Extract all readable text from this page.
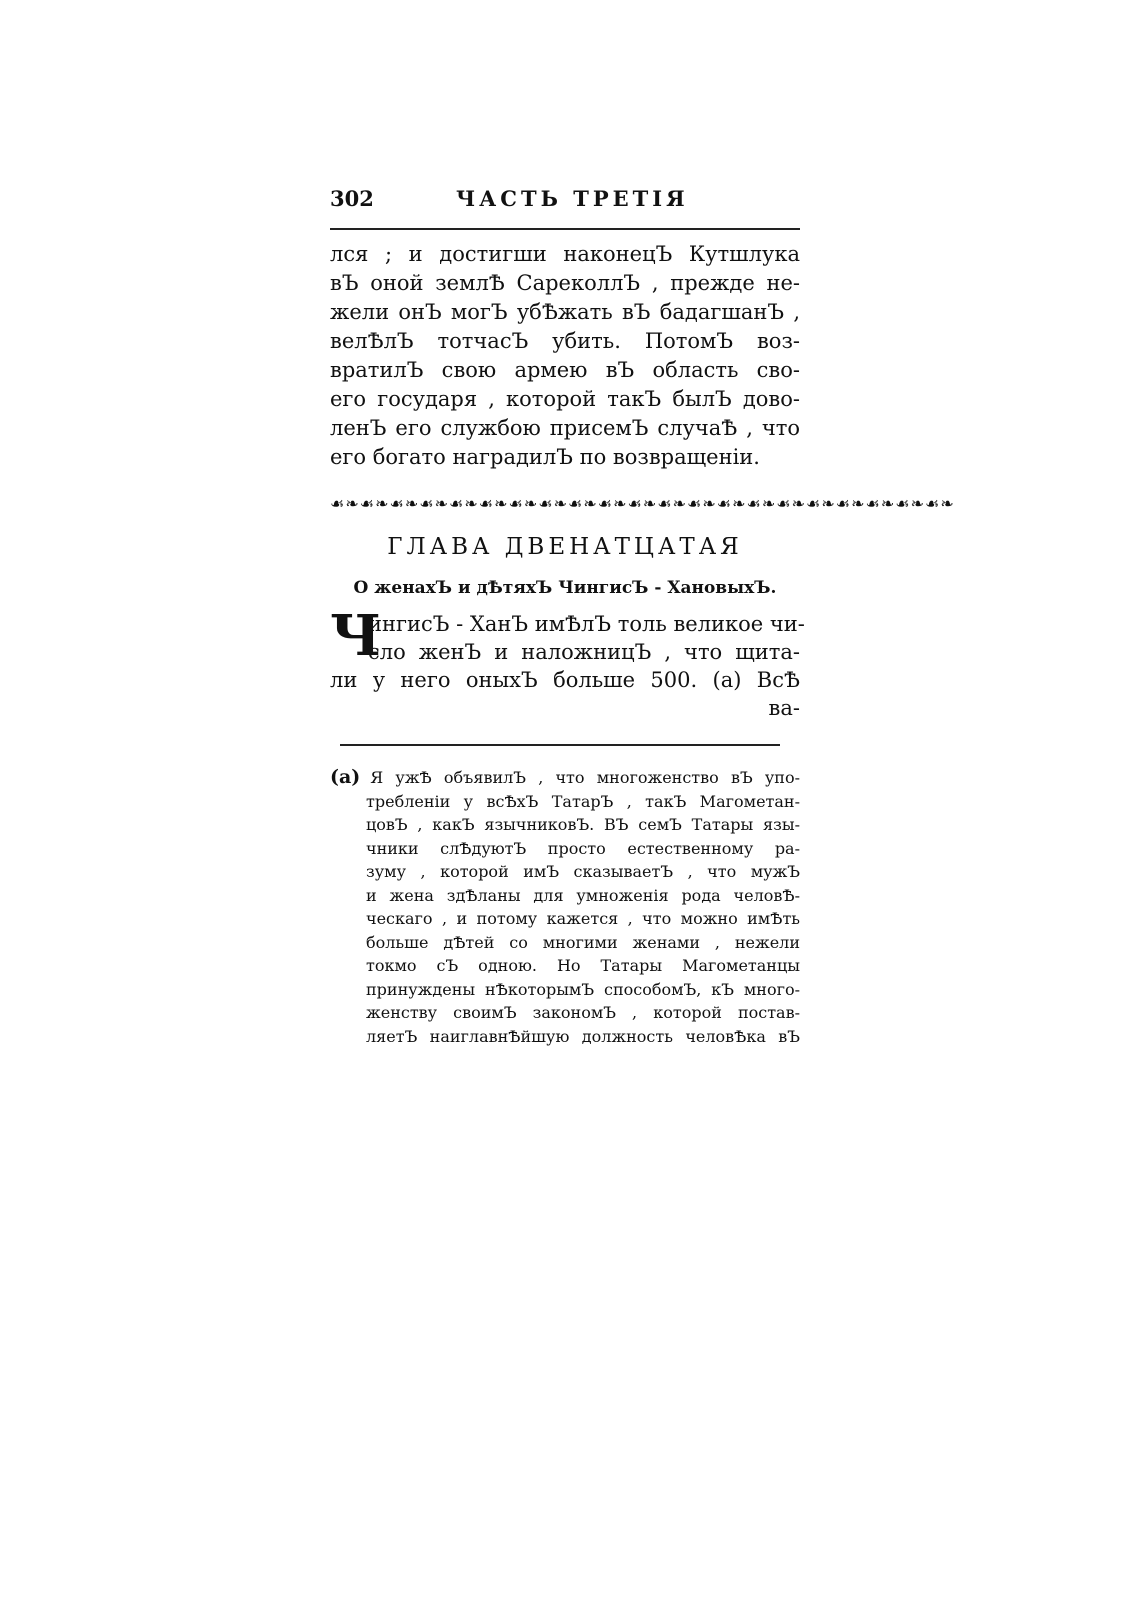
302	ЧАСТЬ ТРЕТІЯ
лся ; и достигши наконецЪ Кутшлука
вЪ оной землѢ СареколлЪ , прежде не-
жели онЪ могЪ убѢжать вЪ бадагшанЪ ,
велѢлЪ тотчасЪ убить. ПотомЪ воз-
вратилЪ свою армею вЪ область сво-
его государя , которой такЪ былЪ дово-
ленЪ его службою присемЪ случаѢ , что
его богато наградилЪ по возвращеніи.
☙❧☙❧☙❧☙❧☙❧☙❧☙❧☙❧☙❧☙❧☙❧☙❧☙❧☙❧☙❧☙❧☙❧☙❧☙❧☙❧☙❧
ГЛАВА ДВЕНАТЦАТАЯ
О женахЪ и дѢтяхЪ ЧингисЪ - ХановыхЪ.
Ч
ингисЪ - ХанЪ имѢлЪ толь великое чи-
сло женЪ и наложницЪ , что щита-
ли у него оныхЪ больше 500. (а) ВсѢ
ва-
(а) Я ужѢ объявилЪ , что многоженство вЪ упо-
требленіи у всѢхЪ ТатарЪ , такЪ Магометан-
цовЪ , какЪ язычниковЪ. ВЪ семЪ Татары язы-
чники слѢдуютЪ просто естественному ра-
зуму , которой имЪ сказываетЪ , что мужЪ
и жена здѢланы для умноженія рода человѢ-
ческаго , и потому кажется , что можно имѢть
больше дѢтей со многими женами , нежели
токмо сЪ одною. Но Татары Магометанцы
принуждены нѢкоторымЪ способомЪ, кЪ много-
женству своимЪ закономЪ , которой постав-
ляетЪ наиглавнѢйшую должность человѢка вЪ
